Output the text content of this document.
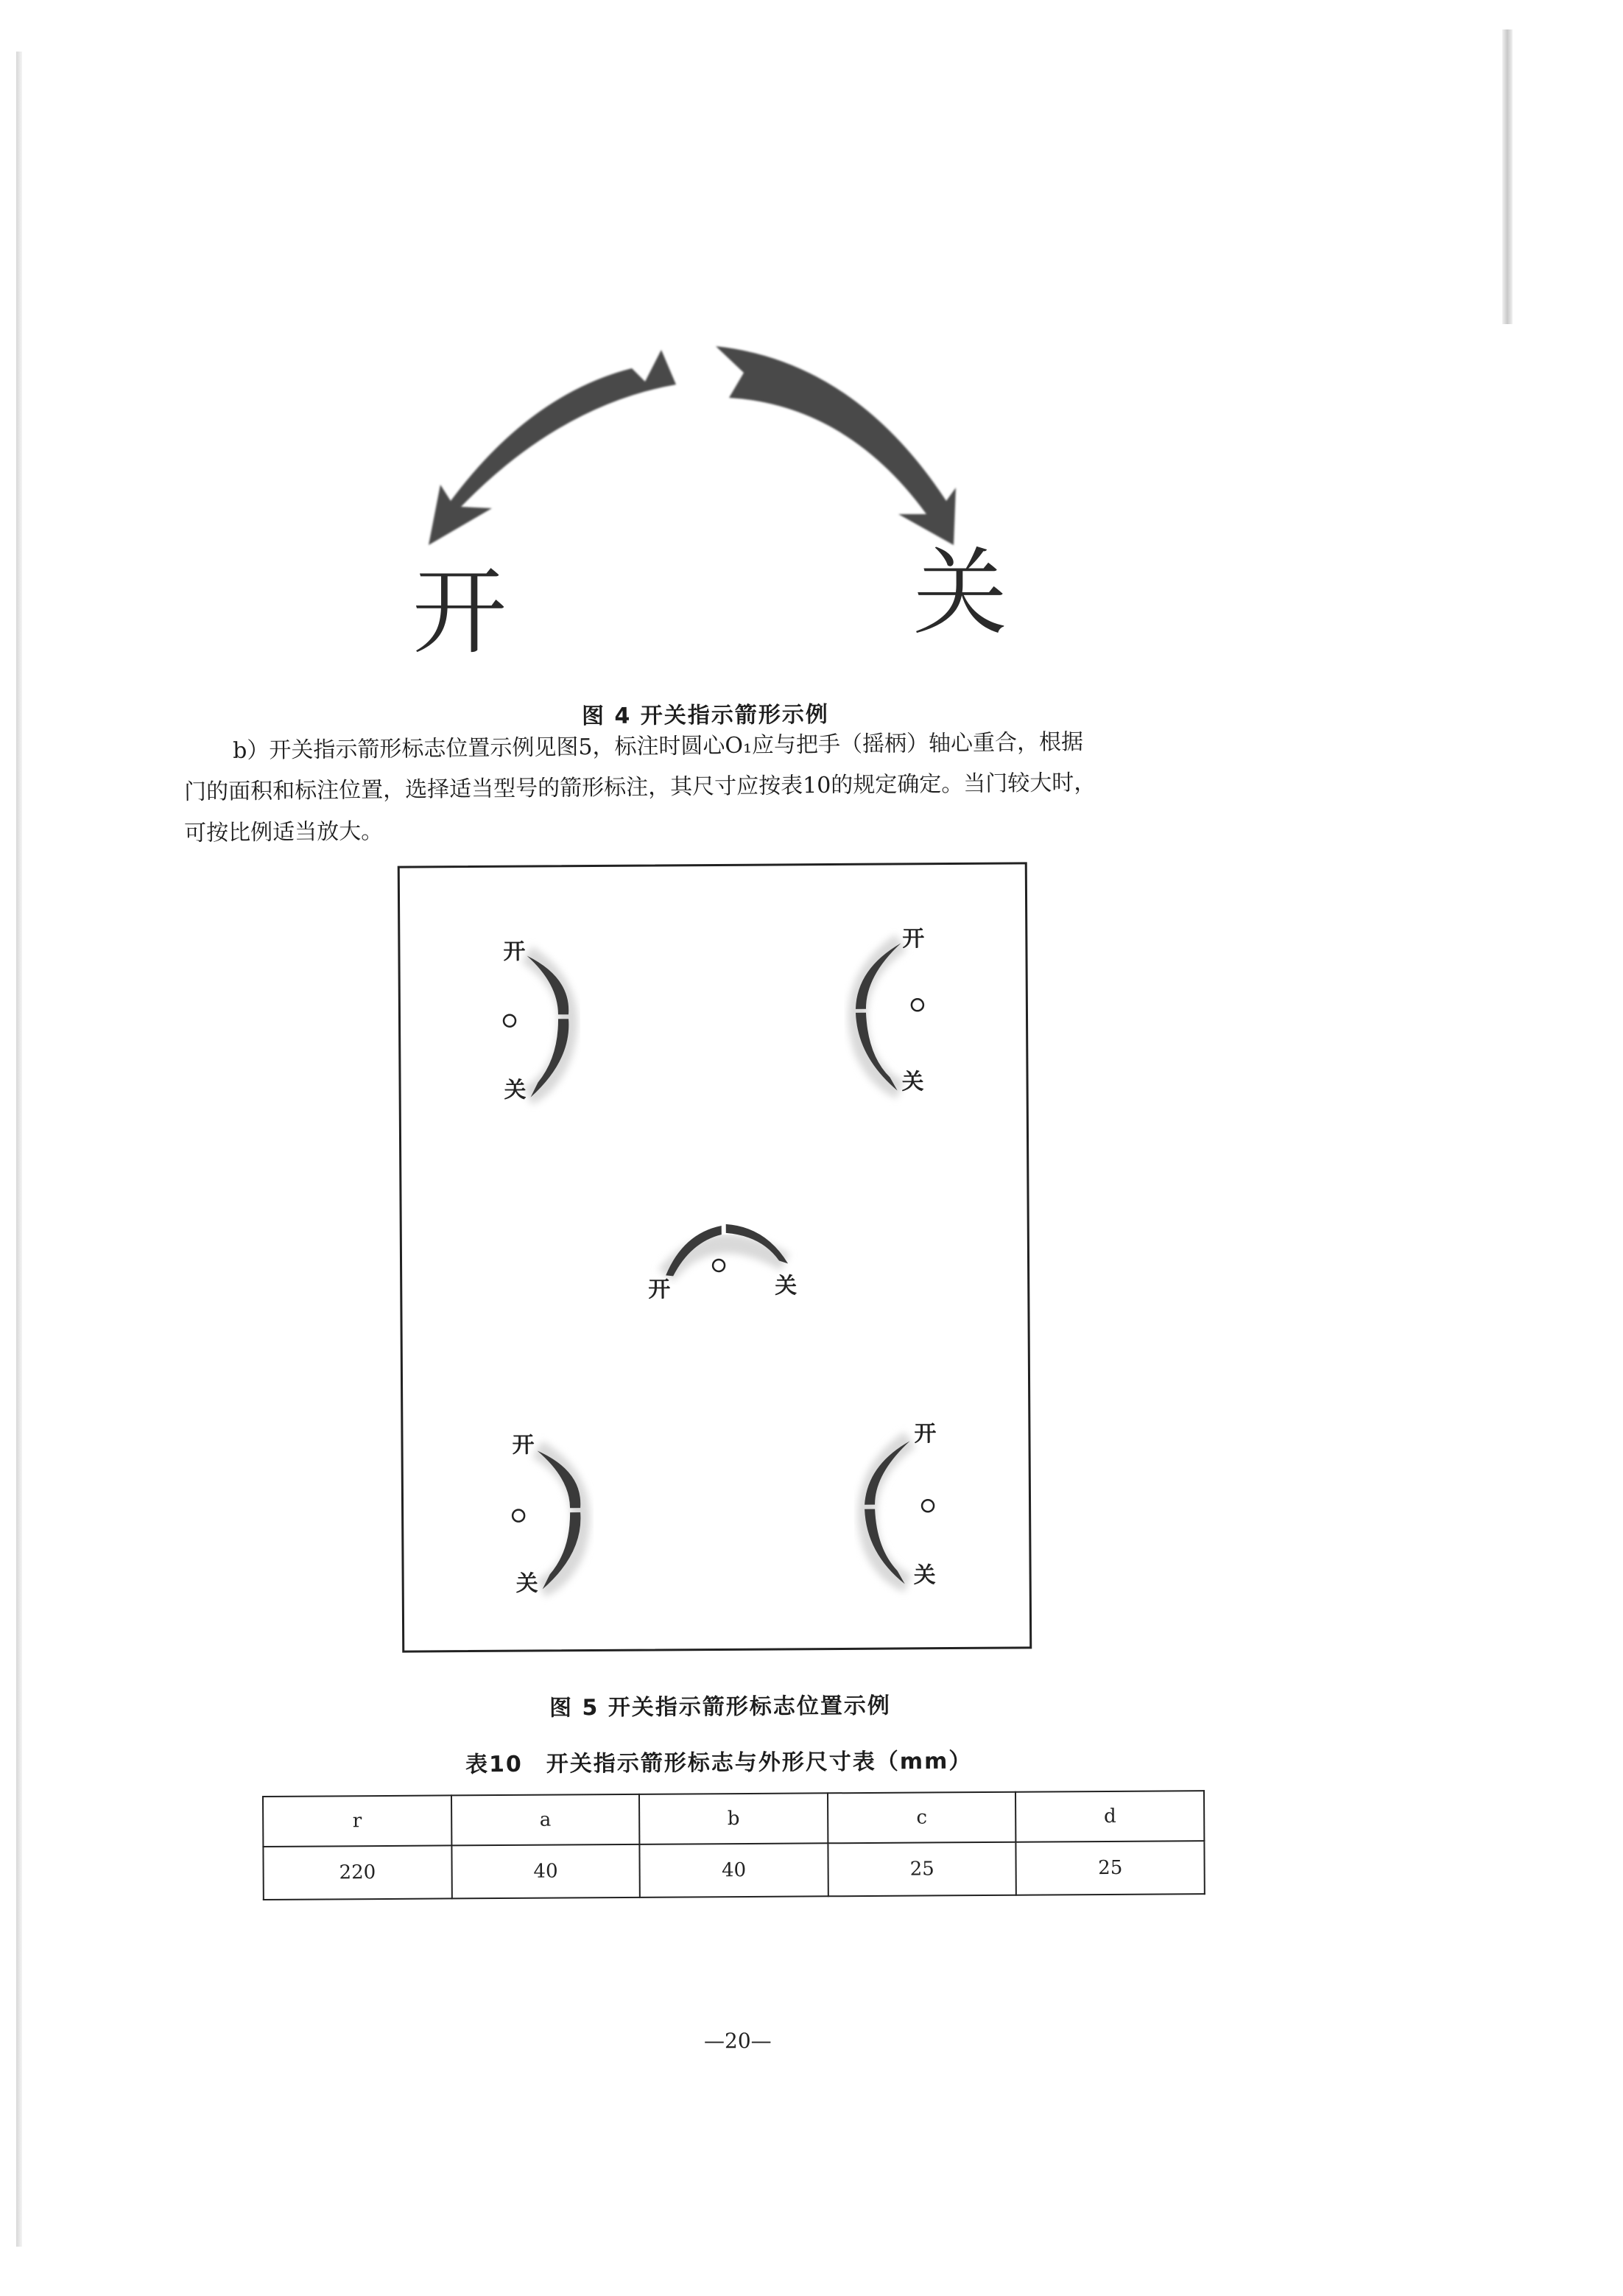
开	关
图 4 开关指示箭形示例
b）开关指示箭形标志位置示例见图5，标注时圆心O₁应与把手（摇柄）轴心重合，根据
门的面积和标注位置，选择适当型号的箭形标注，其尺寸应按表10的规定确定。当门较大时，
可按比例适当放大。
开
关
开
关
开	关
开
关
开
关
图 5 开关指示箭形标志位置示例
表10　开关指示箭形标志与外形尺寸表（mm）
r	a	b	c	d
220	40	40	25	25
—20—
